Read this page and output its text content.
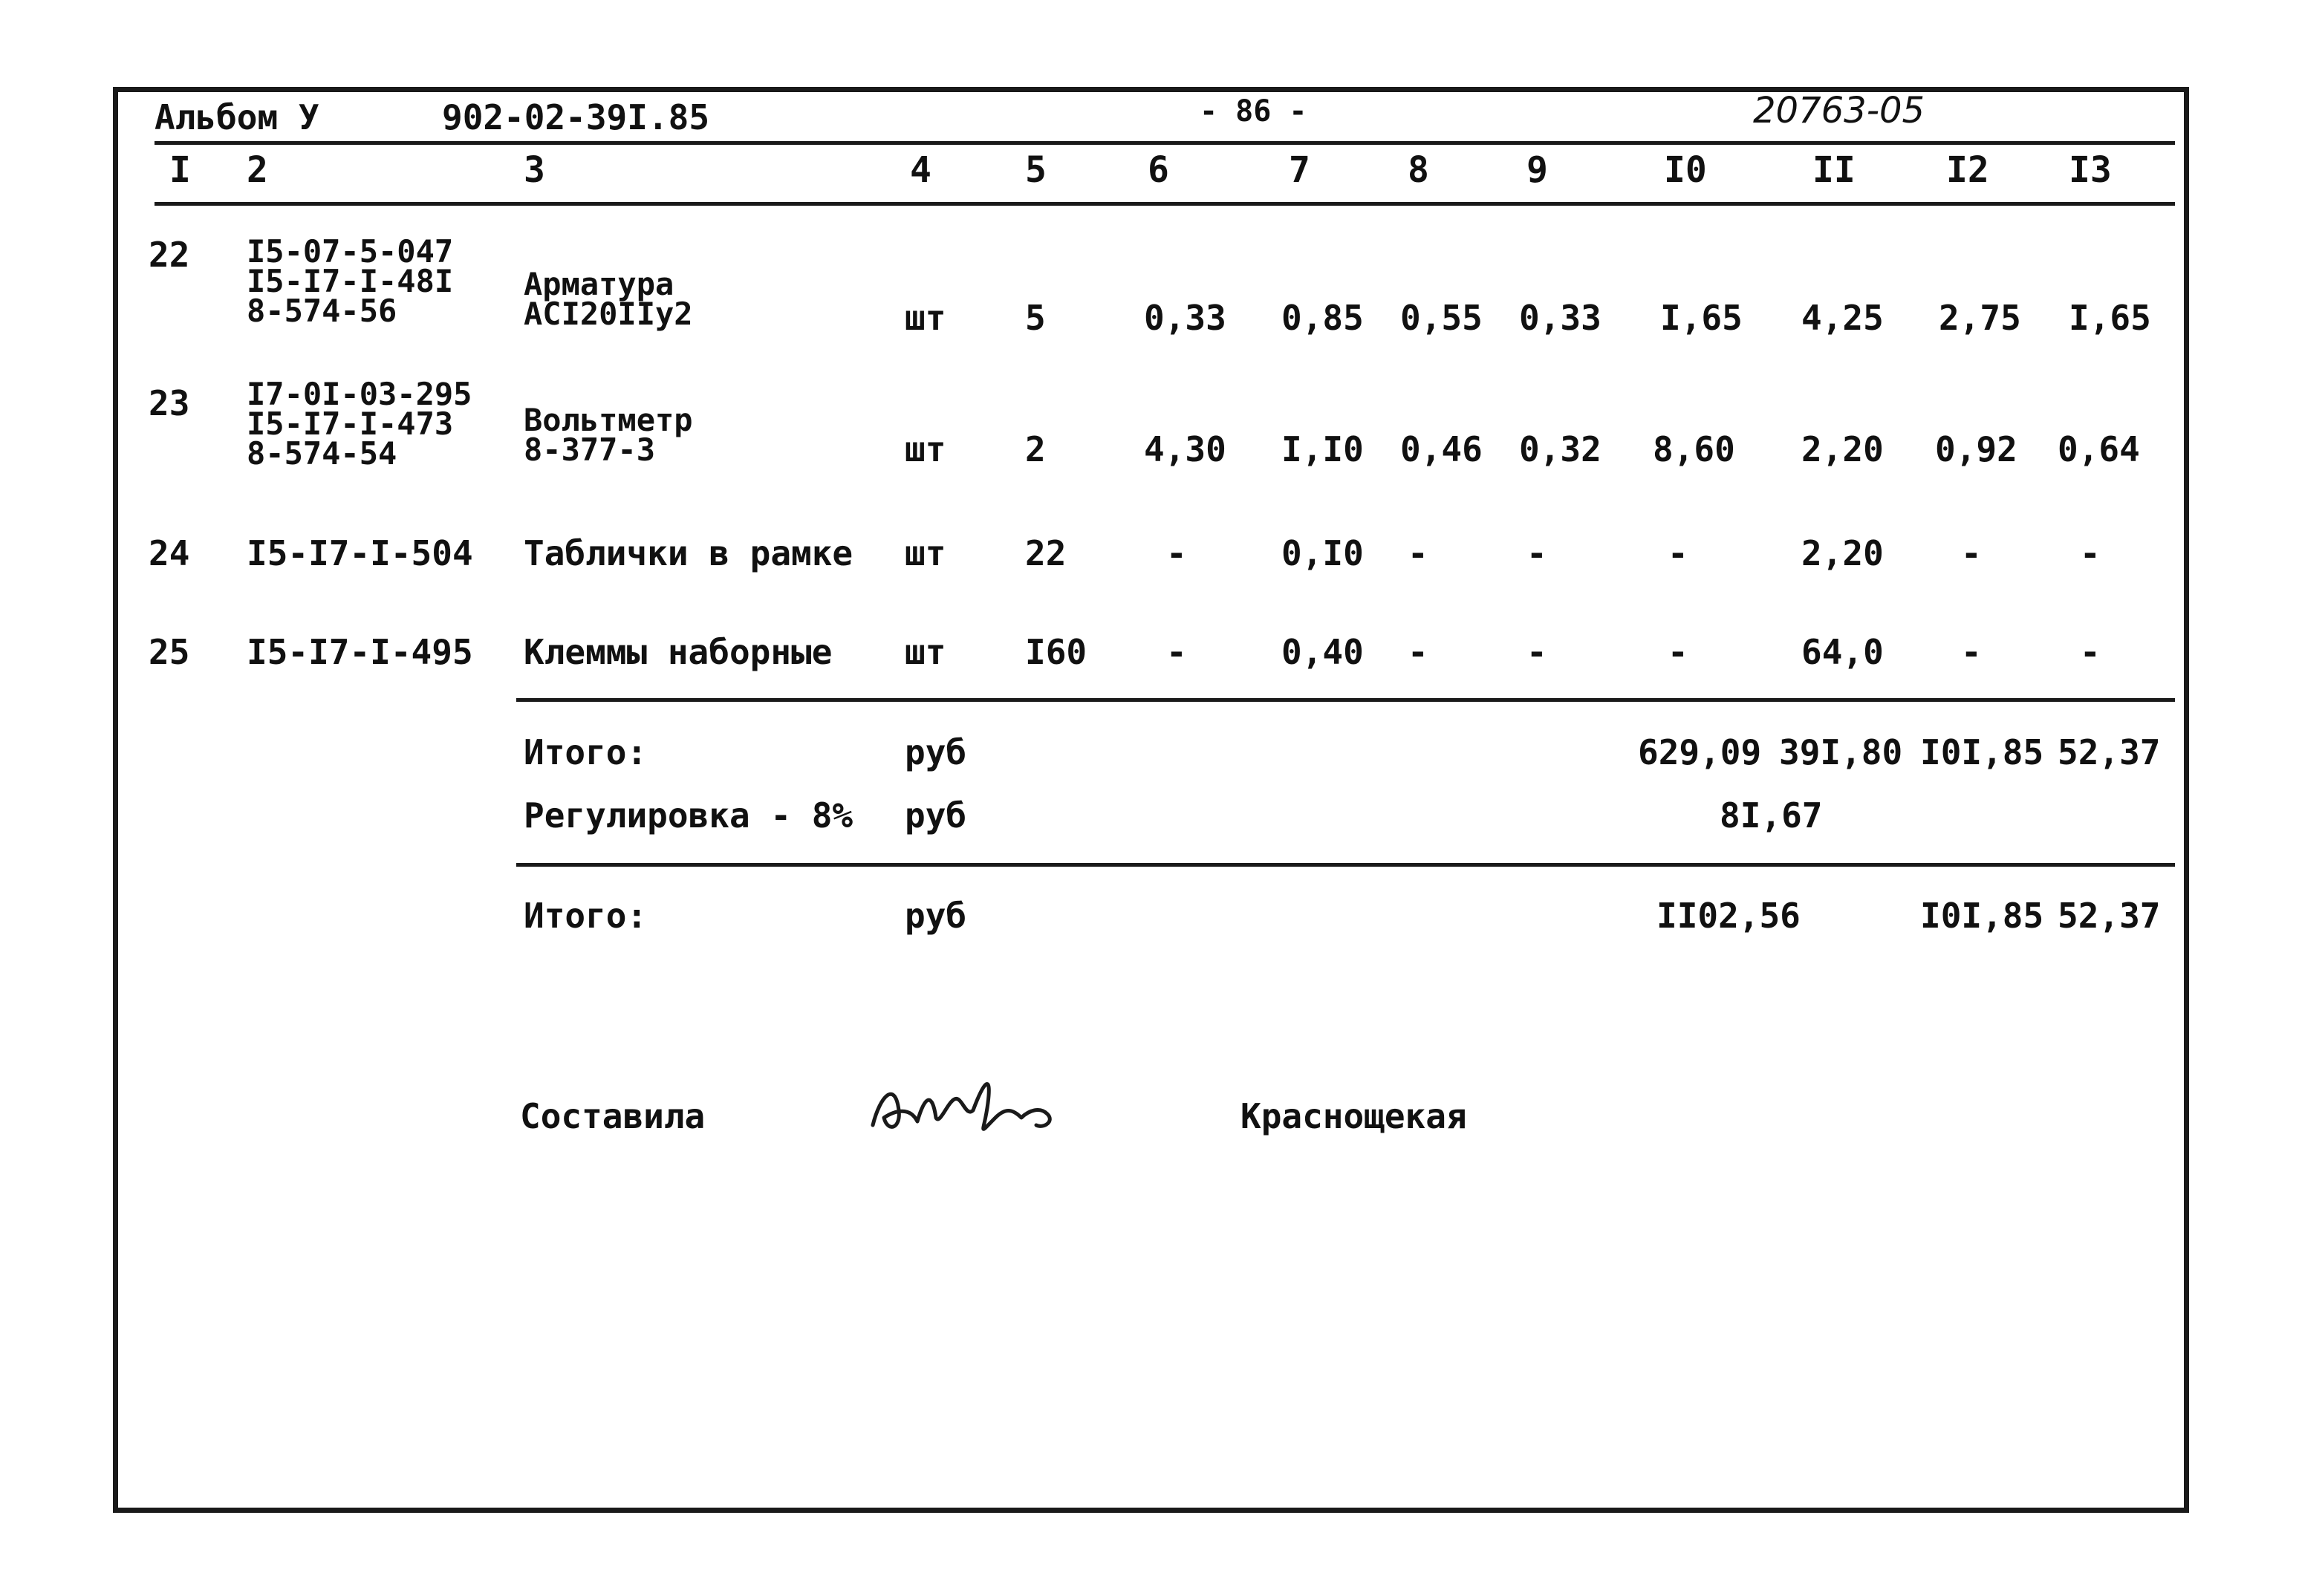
Альбом У	902-02-39I.85	- 86 -	20763-05
I 2	3	4	5	6	7	8	9	I0	II	I2 I3
22 I5-07-5-047
I5-I7-I-48I
8-574-56
Арматура
АСI20IIу2	шт 5	0,33 0,85 0,55 0,33 I,65 4,25 2,75 I,65
23 I7-0I-03-295
I5-I7-I-473
8-574-54
Вольтметр
8-377-3	шт 2	4,30 I,I0 0,46 0,32 8,60 2,20 0,92 0,64
24 I5-I7-I-504 Таблички в рамке шт 22	-	0,I0 -	-	-	2,20 -	-
25 I5-I7-I-495 Клеммы наборные шт I60 -	0,40 -	-	-	64,0 -	-
Итого:	руб	629,09 39I,80 I0I,85 52,37
Регулировка - 8% руб	8I,67
Итого:	руб	II02,56	I0I,85 52,37
Составила	Краснощекая
